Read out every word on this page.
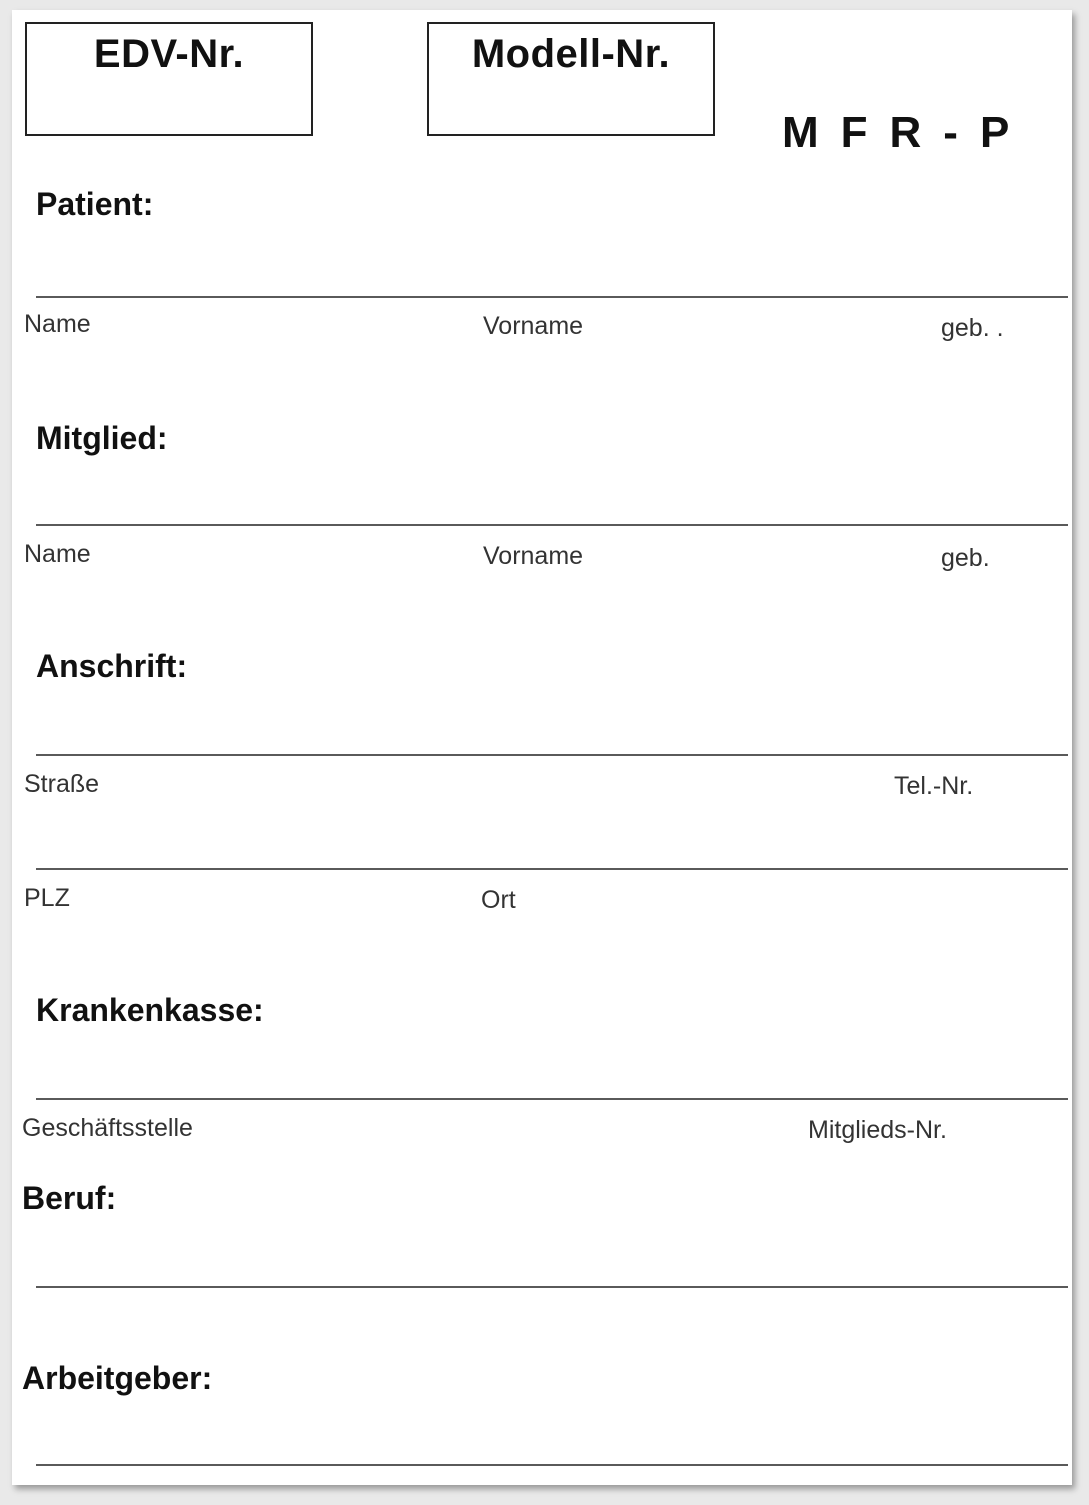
EDV-Nr.	Modell-Nr.
MFR-P
Patient:
Name	Vorname	geb. .
Mitglied:
Name	Vorname	geb.
Anschrift:
Straße	Tel.-Nr.
PLZ	Ort
Krankenkasse:
Geschäftsstelle	Mitglieds-Nr.
Beruf:
Arbeitgeber:
